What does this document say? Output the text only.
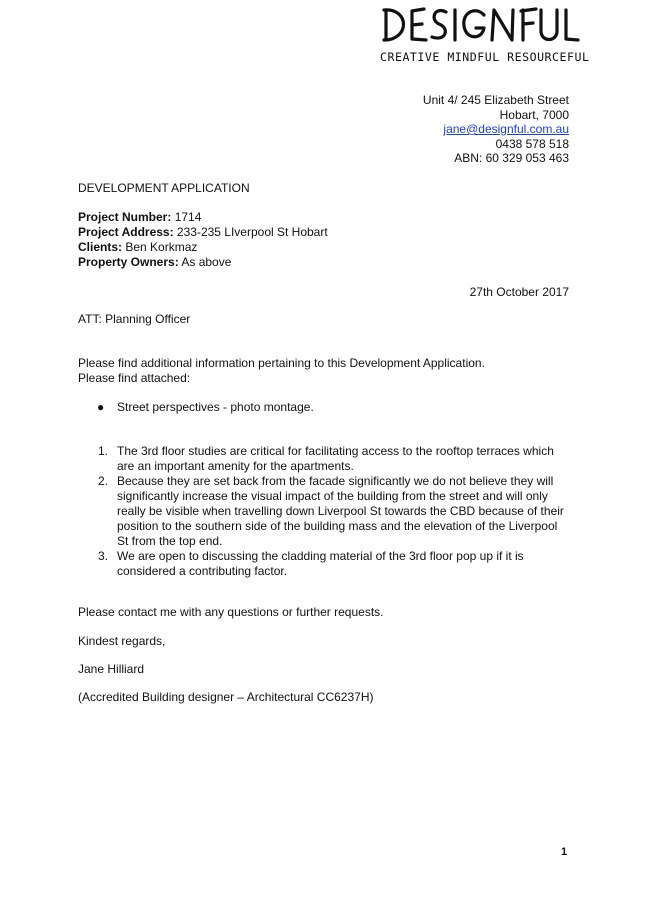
CREATIVE MINDFUL RESOURCEFUL
Unit 4/ 245 Elizabeth Street
Hobart, 7000
jane@designful.com.au
0438 578 518
ABN: 60 329 053 463
DEVELOPMENT APPLICATION
Project Number: 1714
Project Address: 233-235 LIverpool St Hobart
Clients: Ben Korkmaz
Property Owners: As above
27th October 2017
ATT: Planning Officer
Please find additional information pertaining to this Development Application.
Please find attached:
● Street perspectives - photo montage.
1. The 3rd floor studies are critical for facilitating access to the rooftop terraces which
are an important amenity for the apartments.
2. Because they are set back from the facade significantly we do not believe they will
significantly increase the visual impact of the building from the street and will only
really be visible when travelling down Liverpool St towards the CBD because of their
position to the southern side of the building mass and the elevation of the Liverpool
St from the top end.
3. We are open to discussing the cladding material of the 3rd floor pop up if it is
considered a contributing factor.
Please contact me with any questions or further requests.
Kindest regards,
Jane Hilliard
(Accredited Building designer – Architectural CC6237H)
1
